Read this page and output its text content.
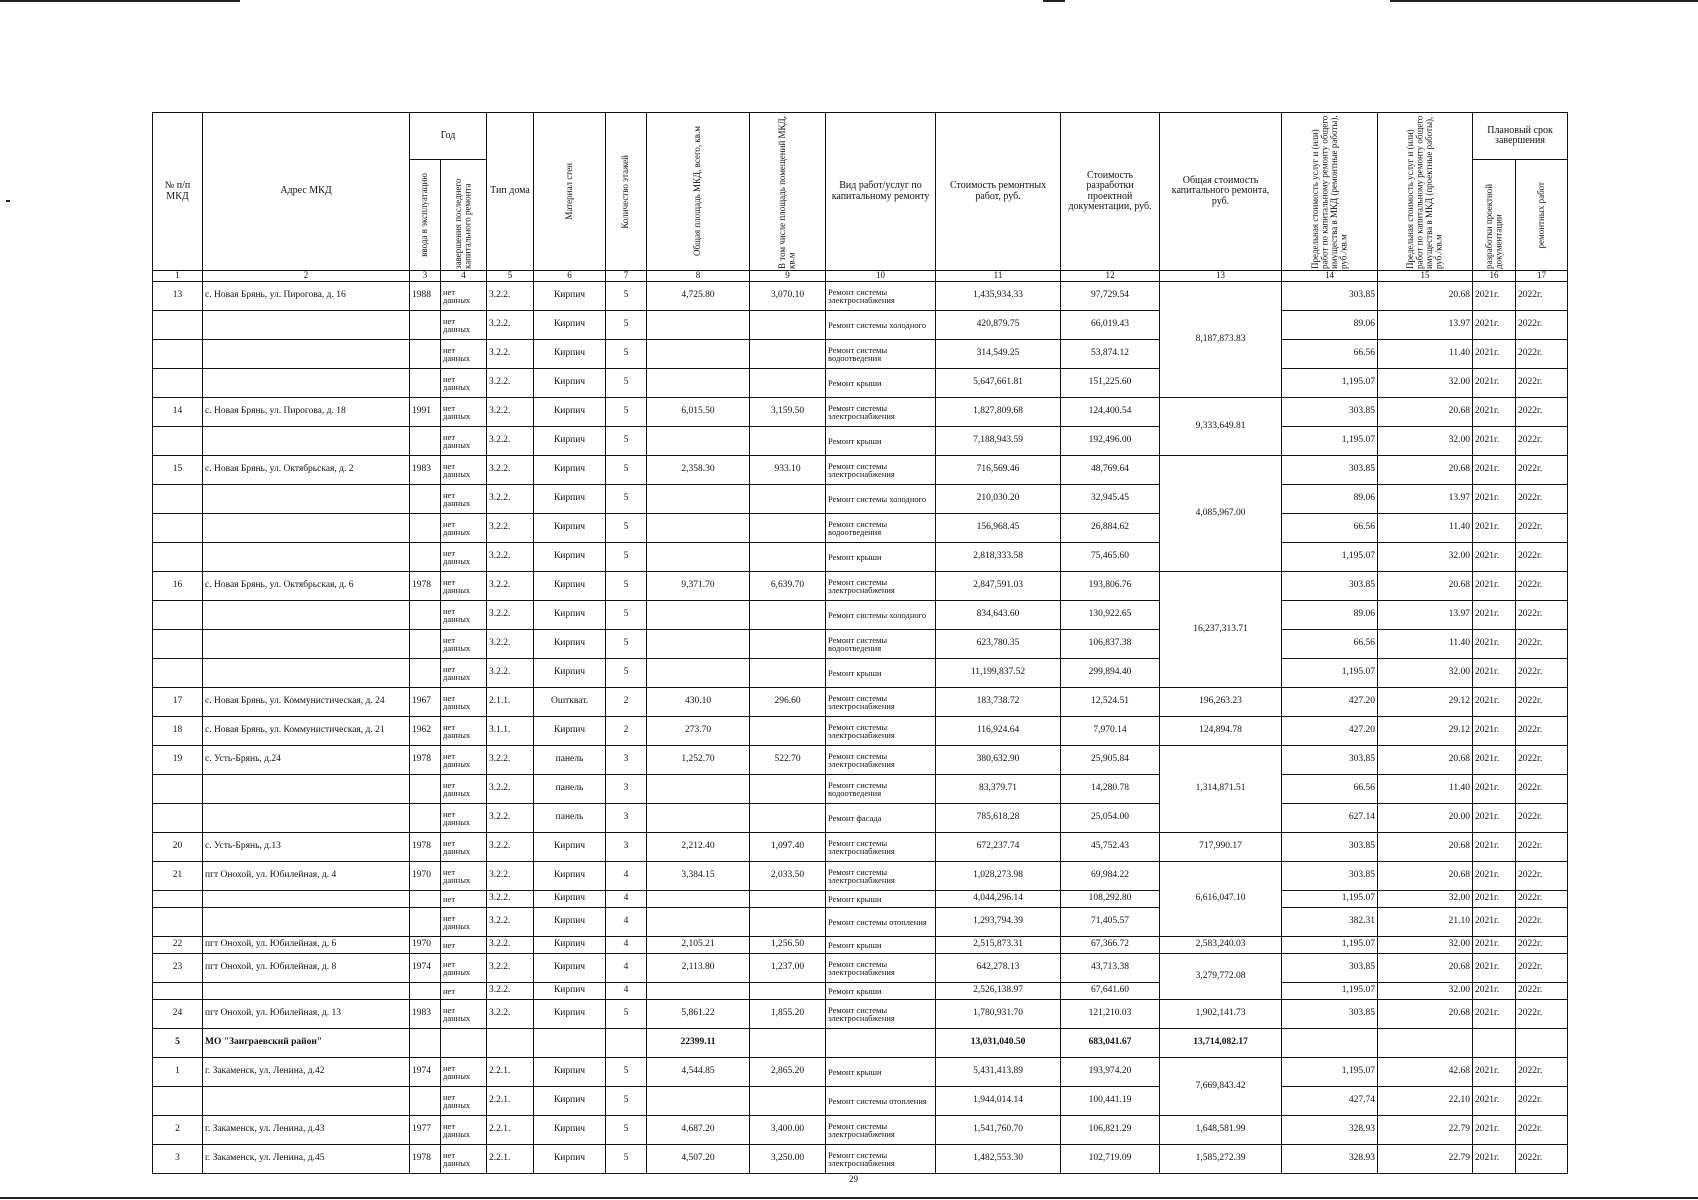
№ п/п МКД	Адрес МКД	Год		Тип дома	Материал стен	Количество этажей	Общая площадь МКД, всего, кв.м	В том числе площадь помещений МКД, кв.м	Вид работ/услуг по капитальному ремонту	Стоимость ремонтных работ, руб.	Стоимость разработки проектной документации, руб.	Общая стоимость капитального ремонта, руб.	Предельная стоимость услуг и (или) работ по капитальному ремонту общего имущества в МКД (ремонтные работы), руб./кв.м	Предельная стоимость услуг и (или) работ по капитальному ремонту общего имущества в МКД (проектные работы), руб./кв.м	Плановый срок завершения	

		ввода в эксплуатацию	завершения последнего капитального ремонта												разработки проектной документации	ремонтных работ

1	2	3	4	5	6	7	8	9	10	11	12	13	14	15	16	17
13	с. Новая Брянь, ул. Пирогова, д. 16	1988	нет данных	3.2.2.	Кирпич	5	4,725.80	3,070.10	Ремонт системы электроснабжения	1,435,934.33	97,729.54	8,187,873.83	303.85	20.68	2021г.	2022г.
			нет данных	3.2.2.	Кирпич	5			Ремонт системы холодного	420,879.75	66,019.43		89.06	13.97	2021г.	2022г.
			нет данных	3.2.2.	Кирпич	5			Ремонт системы водоотведения	314,549.25	53,874.12		66.56	11.40	2021г.	2022г.
			нет данных	3.2.2.	Кирпич	5			Ремонт крыши	5,647,661.81	151,225.60		1,195.07	32.00	2021г.	2022г.
14	с. Новая Брянь, ул. Пирогова, д. 18	1991	нет данных	3.2.2.	Кирпич	5	6,015.50	3,159.50	Ремонт системы электроснабжения	1,827,809.68	124,400.54	9,333,649.81	303.85	20.68	2021г.	2022г.
			нет данных	3.2.2.	Кирпич	5			Ремонт крыши	7,188,943.59	192,496.00		1,195.07	32.00	2021г.	2022г.
15	с. Новая Брянь, ул. Октябрьская, д. 2	1983	нет данных	3.2.2.	Кирпич	5	2,358.30	933.10	Ремонт системы электроснабжения	716,569.46	48,769.64	4,085,967.00	303.85	20.68	2021г.	2022г.
			нет данных	3.2.2.	Кирпич	5			Ремонт системы холодного	210,030.20	32,945.45		89.06	13.97	2021г.	2022г.
			нет данных	3.2.2.	Кирпич	5			Ремонт системы водоотведения	156,968.45	26,884.62		66.56	11.40	2021г.	2022г.
			нет данных	3.2.2.	Кирпич	5			Ремонт крыши	2,818,333.58	75,465.60		1,195.07	32.00	2021г.	2022г.
16	с. Новая Брянь, ул. Октябрьская, д. 6	1978	нет данных	3.2.2.	Кирпич	5	9,371.70	6,639.70	Ремонт системы электроснабжения	2,847,591.03	193,806.76	16,237,313.71	303.85	20.68	2021г.	2022г.
			нет данных	3.2.2.	Кирпич	5			Ремонт системы холодного	834,643.60	130,922.65		89.06	13.97	2021г.	2022г.
			нет данных	3.2.2.	Кирпич	5			Ремонт системы водоотведения	623,780.35	106,837.38		66.56	11.40	2021г.	2022г.
			нет данных	3.2.2.	Кирпич	5			Ремонт крыши	11,199,837.52	299,894.40		1,195.07	32.00	2021г.	2022г.
17	с. Новая Брянь, ул. Коммунистическая, д. 24	1967	нет данных	2.1.1.	Ошткват.	2	430.10	296.60	Ремонт системы электроснабжения	183,738.72	12,524.51	196,263.23	427.20	29.12	2021г.	2022г.
18	с. Новая Брянь, ул. Коммунистическая, д. 21	1962	нет данных	3.1.1.	Кирпич	2	273.70		Ремонт системы электроснабжения	116,924.64	7,970.14	124,894.78	427.20	29.12	2021г.	2022г.
19	с. Усть-Брянь, д.24	1978	нет данных	3.2.2.	панель	3	1,252.70	522.70	Ремонт системы электроснабжения	380,632.90	25,905.84	1,314,871.51	303.85	20.68	2021г.	2022г.
			нет данных	3.2.2.	панель	3			Ремонт системы водоотведения	83,379.71	14,280.78		66.56	11.40	2021г.	2022г.
			нет данных	3.2.2.	панель	3			Ремонт фасада	785,618.28	25,054.00		627.14	20.00	2021г.	2022г.
20	с. Усть-Брянь, д.13	1978	нет данных	3.2.2.	Кирпич	3	2,212.40	1,097.40	Ремонт системы электроснабжения	672,237.74	45,752.43	717,990.17	303.85	20.68	2021г.	2022г.
21	пгт Онохой, ул. Юбилейная, д. 4	1970	нет данных	3.2.2.	Кирпич	4	3,384.15	2,033.50	Ремонт системы электроснабжения	1,028,273.98	69,984.22	6,616,047.10	303.85	20.68	2021г.	2022г.
			нет	3.2.2.	Кирпич	4			Ремонт крыши	4,044,296.14	108,292.80		1,195.07	32.00	2021г.	2022г.
			нет данных	3.2.2.	Кирпич	4			Ремонт системы отопления	1,293,794.39	71,405.57		382.31	21.10	2021г.	2022г.
22	пгт Онохой, ул. Юбилейная, д. 6	1970	нет	3.2.2.	Кирпич	4	2,105.21	1,256.50	Ремонт крыши	2,515,873.31	67,366.72	2,583,240.03	1,195.07	32.00	2021г.	2022г.
23	пгт Онохой, ул. Юбилейная, д. 8	1974	нет данных	3.2.2.	Кирпич	4	2,113.80	1,237.00	Ремонт системы электроснабжения	642,278.13	43,713.38	3,279,772.08	303.85	20.68	2021г.	2022г.
			нет	3.2.2.	Кирпич	4			Ремонт крыши	2,526,138.97	67,641.60		1,195.07	32.00	2021г.	2022г.
24	пгт Онохой, ул. Юбилейная, д. 13	1983	нет данных	3.2.2.	Кирпич	5	5,861.22	1,855.20	Ремонт системы электроснабжения	1,780,931.70	121,210.03	1,902,141.73	303.85	20.68	2021г.	2022г.
5	МО "Заиграевский район"						22399.11			13,031,040.50	683,041.67	13,714,082.17				
1	г. Закаменск, ул. Ленина, д.42	1974	нет данных	2.2.1.	Кирпич	5	4,544.85	2,865.20	Ремонт крыши	5,431,413.89	193,974.20	7,669,843.42	1,195.07	42.68	2021г.	2022г.
			нет данных	2.2.1.	Кирпич	5			Ремонт системы отопления	1,944,014.14	100,441.19		427.74	22.10	2021г.	2022г.
2	г. Закаменск, ул. Ленина, д.43	1977	нет данных	2.2.1.	Кирпич	5	4,687.20	3,400.00	Ремонт системы электроснабжения	1,541,760.70	106,821.29	1,648,581.99	328.93	22.79	2021г.	2022г.
3	г. Закаменск, ул. Ленина, д.45	1978	нет данных	2.2.1.	Кирпич	5	4,507.20	3,250.00	Ремонт системы электроснабжения	1,482,553.30	102,719.09	1,585,272.39	328.93	22.79	2021г.	2022г.
29
